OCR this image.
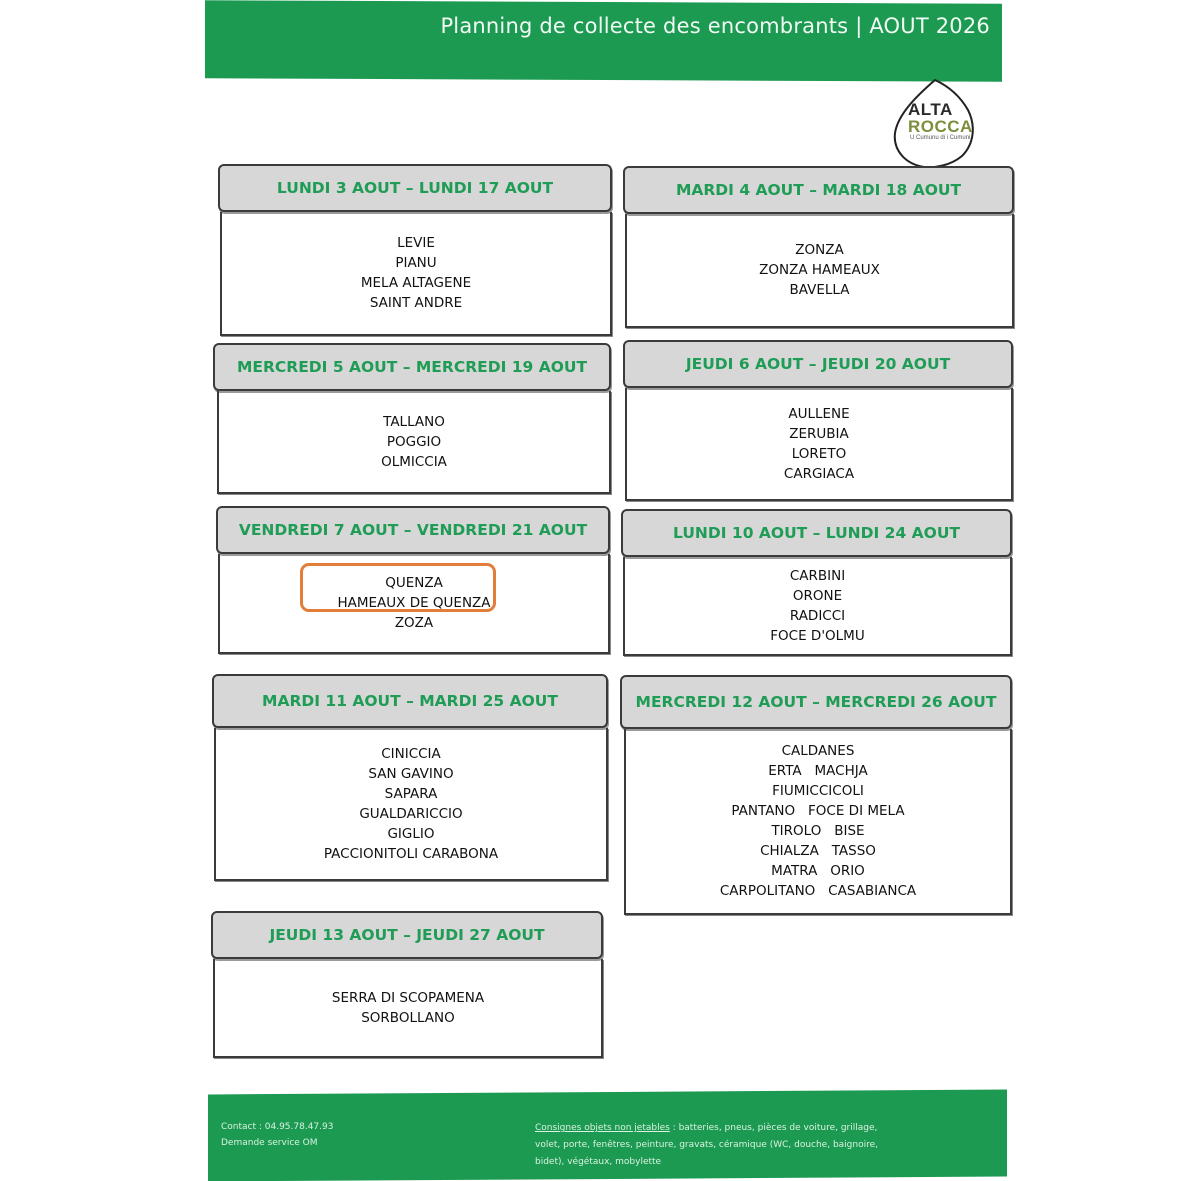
Planning de collecte des encombrants | AOUT 2026
ALTA
ROCCA
U Cumunu di i Cumuni
LUNDI 3 AOUT – LUNDI 17 AOUT
LEVIE
PIANU
MELA ALTAGENE
SAINT ANDRE
MARDI 4 AOUT – MARDI 18 AOUT
ZONZA
ZONZA HAMEAUX
BAVELLA
MERCREDI 5 AOUT – MERCREDI 19 AOUT
TALLANO
POGGIO
OLMICCIA
JEUDI 6 AOUT – JEUDI 20 AOUT
AULLENE
ZERUBIA
LORETO
CARGIACA
VENDREDI 7 AOUT – VENDREDI 21 AOUT
QUENZA
HAMEAUX DE QUENZA
ZOZA
LUNDI 10 AOUT – LUNDI 24 AOUT
CARBINI
ORONE
RADICCI
FOCE D'OLMU
MARDI 11 AOUT – MARDI 25 AOUT
CINICCIA
SAN GAVINO
SAPARA
GUALDARICCIO
GIGLIO
PACCIONITOLI CARABONA
MERCREDI 12 AOUT – MERCREDI 26 AOUT
CALDANES
ERTA   MACHJA
FIUMICCICOLI
PANTANO   FOCE DI MELA
TIROLO   BISE
CHIALZA   TASSO
MATRA   ORIO
CARPOLITANO   CASABIANCA
JEUDI 13 AOUT – JEUDI 27 AOUT
SERRA DI SCOPAMENA
SORBOLLANO
Contact : 04.95.78.47.93
Demande service OM
Consignes objets non jetables : batteries, pneus, pièces de voiture, grillage, volet, porte, fenêtres, peinture, gravats, céramique (WC, douche, baignoire, bidet), végétaux, mobylette
